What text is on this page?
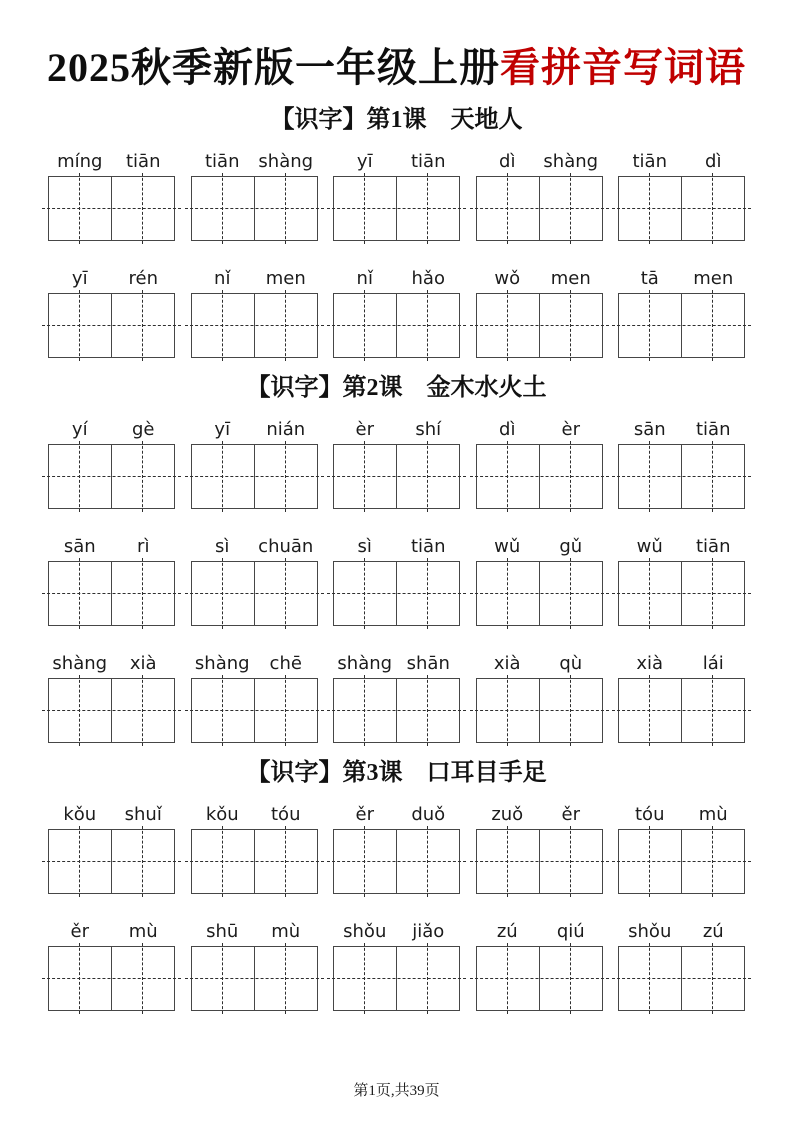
2025秋季新版一年级上册看拼音写词语
【识字】第1课　天地人
míng	tiān	tiān	shàng	yī	tiān	dì	shàng	tiān	dì
yī	rén	nǐ	men	nǐ	hǎo	wǒ	men	tā	men
【识字】第2课　金木水火土
yí	gè	yī	nián	èr	shí	dì	èr	sān	tiān
sān	rì	sì	chuān	sì	tiān	wǔ	gǔ	wǔ	tiān
shàng	xià	shàng	chē	shàng shān	xià	qù	xià	lái
【识字】第3课　口耳目手足
kǒu	shuǐ	kǒu	tóu	ěr	duǒ	zuǒ	ěr	tóu	mù
ěr	mù	shū	mù	shǒu	jiǎo	zú	qiú	shǒu	zú
第1页,共39页
